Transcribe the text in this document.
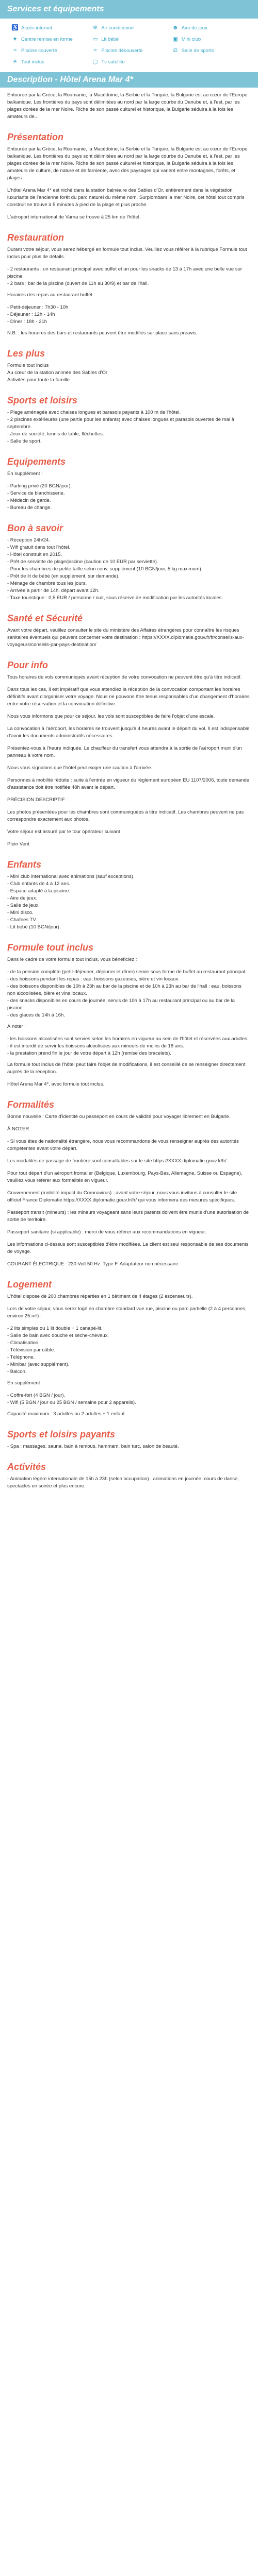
Services et équipements
♿ Accès internet	❄ Air conditionné	☻ Aire de jeux
♥ Centre remise en forme	▭ Lit bébé	▣ Mini club
≈ Piscine couverte	≈ Piscine découverte	⚖ Salle de sports
☀ Tout inclus	▢ Tv satellite
Description - Hôtel Arena Mar 4*

Entourée par la Grèce, la Roumanie, la Macédoine, la Serbie et la Turquie, la Bulgarie est au cœur de l'Europe balkanique. Les frontières du pays sont délimitées au nord par la large courbe du Danube et, à l'est, par les plages dorées de la mer Noire. Riche de son passé culturel et historique, la Bulgarie séduira à la fois les amateurs de...

Présentation

Entourée par la Grèce, la Roumanie, la Macédoine, la Serbie et la Turquie, la Bulgarie est au cœur de l'Europe balkanique. Les frontières du pays sont délimitées au nord par la large courbe du Danube et, à l'est, par les plages dorées de la mer Noire. Riche de son passé culturel et historique, la Bulgarie séduira à la fois les amateurs de culture, de nature et de farniente, avec des paysages qui varient entre montagnes, forêts, et plages.

L'hôtel Arena Mar 4* est niché dans la station balnéaire des Sables d'Or, entièrement dans la végétation luxuriante de l'ancienne forêt du parc naturel du même nom. Surplombant la mer Noire, cet hôtel tout compris construit se trouve à 5 minutes à pied de la plage et plus proche.

L'aéroport international de Varna se trouve à 25 km de l'hôtel.

Restauration

Durant votre séjour, vous serez hébergé en formule tout inclus. Veuillez vous référer à la rubrique Formule tout inclus pour plus de détails.

- 2 restaurants : un restaurant principal avec buffet et un pour les snacks de 13 à 17h avec une belle vue sur piscine
- 2 bars : bar de la piscine (ouvert de 11h au 30/9) et bar de l'hall.

Horaires des repas au restaurant buffet :

- Petit-déjeuner : 7h30 - 10h
- Déjeuner : 12h - 14h
- Dîner : 18h - 21h

N.B. : les horaires des bars et restaurants peuvent être modifiés sur place sans préavis.

Les plus
Formule tout inclus
Au cœur de la station animée des Sables d'Or
Activités pour toute la famille
Sports et loisirs
- Plage aménagée avec chaises longues et parasols payants à 100 m de l'hôtel.
- 2 piscines extérieures (une partie pour les enfants) avec chaises longues et parasols ouvertes de mai à septembre.
- Jeux de société, tennis de table, fléchettes.
- Salle de sport.
Equipements

En supplément :

- Parking privé (20 BGN/jour).
- Service de blanchisserie.
- Médecin de garde.
- Bureau de change.
Bon à savoir
- Réception 24h/24.
- Wifi gratuit dans tout l'hôtel.
- Hôtel construit en 2015.
- Prêt de serviette de plage/piscine (caution de 10 EUR par serviette).
- Pour les chambres de petite taille selon conv. supplément (10 BGN/jour, 5 kg maximum).
- Prêt de lit de bébé (en supplément, sur demande).
- Ménage de chambre tous les jours.
- Arrivée à partir de 14h, départ avant 12h.
- Taxe touristique : 0,5 EUR / personne / nuit, sous réserve de modification par les autorités locales.
Santé et Sécurité

Avant votre départ, veuillez consulter le site du ministère des Affaires étrangères pour connaître les risques sanitaires éventuels qui peuvent concerner votre destination : https://XXXX.diplomatie.gouv.fr/fr/conseils-aux-voyageurs/conseils-par-pays-destination/

Pour info

Tous horaires de vols communiqués avant réception de votre convocation ne peuvent être qu'à titre indicatif.

Dans tous les cas, il est impératif que vous attendiez la réception de la convocation comportant les horaires définitifs avant d'organiser votre voyage. Nous ne pouvons être tenus responsables d'un changement d'horaires entre votre réservation et la convocation définitive.

Nous vous informons que pour ce séjour, les vols sont susceptibles de faire l'objet d'une escale.

La convocation à l'aéroport, les horaires se trouvent jusqu'à 4 heures avant le départ du vol. Il est indispensable d'avoir les documents administratifs nécessaires.

Présentez-vous à l'heure indiquée. Le chauffeur du transfert vous attendra à la sortie de l'aéroport muni d'un panneau à votre nom.

Nous vous signalons que l'hôtel peut exiger une caution à l'arrivée.

Personnes à mobilité réduite : suite à l'entrée en vigueur du règlement européen EU 1107/2006, toute demande d'assistance doit être notifiée 48h avant le départ.

PRÉCISION DESCRIPTIF :

Les photos présentées pour les chambres sont communiquées à titre indicatif. Les chambres peuvent ne pas correspondre exactement aux photos.

Votre séjour est assuré par le tour opérateur suivant :

Plein Vent

Enfants
- Mini club international avec animations (sauf exceptions).
- Club enfants de 4 à 12 ans.
- Espace adapté à la piscine.
- Aire de jeux.
- Salle de jeux.
- Mini disco.
- Chaînes TV.
- Lit bébé (10 BGN/jour).
Formule tout inclus

Dans le cadre de votre formule tout inclus, vous bénéficiez :

- de la pension complète (petit-déjeuner, déjeuner et dîner) servie sous forme de buffet au restaurant principal.
- des boissons pendant les repas : eau, boissons gazeuses, bière et vin locaux.
- des boissons disponibles de 10h à 23h au bar de la piscine et de 10h à 23h au bar de l'hall : eau, boissons non alcoolisées, bière et vins locaux.
- des snacks disponibles en cours de journée, servis de 10h à 17h au restaurant principal ou au bar de la piscine.
- des glaces de 14h à 16h.

À noter :

- les boissons alcoolisées sont servies selon les horaires en vigueur au sein de l'hôtel et réservées aux adultes.
- il est interdit de servir les boissons alcoolisées aux mineurs de moins de 18 ans.
- la prestation prend fin le jour de votre départ à 12h (remise des bracelets).

La formule tout inclus de l'hôtel peut faire l'objet de modifications, il est conseillé de se renseigner directement auprès de la réception.

Hôtel Arena Mar 4*, avec formule tout inclus.

Formalités

Bonne nouvelle : Carte d'identité ou passeport en cours de validité pour voyager librement en Bulgarie.

À NOTER :

- Si vous êtes de nationalité étrangère, nous vous recommandons de vous renseigner auprès des autorités compétentes avant votre départ.

Les modalités de passage de frontière sont consultables sur le site https://XXXX.diplomatie.gouv.fr/fr/.

Pour tout départ d'un aéroport frontalier (Belgique, Luxembourg, Pays-Bas, Allemagne, Suisse ou Espagne), veuillez vous référer aux formalités en vigueur.

Gouvernement (mobilité impact du Coronavirus) : avant votre séjour, nous vous invitons à consulter le site officiel France Diplomatie https://XXXX.diplomatie.gouv.fr/fr/ qui vous informera des mesures spécifiques.

Passeport transit (mineurs) : les mineurs voyageant sans leurs parents doivent être munis d'une autorisation de sortie de territoire.

Passeport sanitaire (si applicable) : merci de vous référer aux recommandations en vigueur.

Les informations ci-dessus sont susceptibles d'être modifiées. Le client est seul responsable de ses documents de voyage.

COURANT ÉLECTRIQUE : 230 Volt 50 Hz. Type F. Adaptateur non nécessaire.

Logement

L'hôtel dispose de 200 chambres réparties en 1 bâtiment de 4 étages (2 ascenseurs).

Lors de votre séjour, vous serez logé en chambre standard vue rue, piscine ou parc partielle (2 à 4 personnes, environ 25 m²) :

- 2 lits simples ou 1 lit double + 1 canapé-lit.
- Salle de bain avec douche et sèche-cheveux.
- Climatisation.
- Télévision par câble.
- Téléphone.
- Minibar (avec supplément).
- Balcon.

En supplément :

- Coffre-fort (4 BGN / jour).
- Wifi (5 BGN / jour ou 25 BGN / semaine pour 2 appareils).

Capacité maximum : 3 adultes ou 2 adultes + 1 enfant.

Sports et loisirs payants

- Spa : massages, sauna, bain à remous, hammam, bain turc, salon de beauté.

Activités

- Animation légère internationale de 15h à 23h (selon occupation) : animations en journée, cours de danse, spectacles en soirée et plus encore.
